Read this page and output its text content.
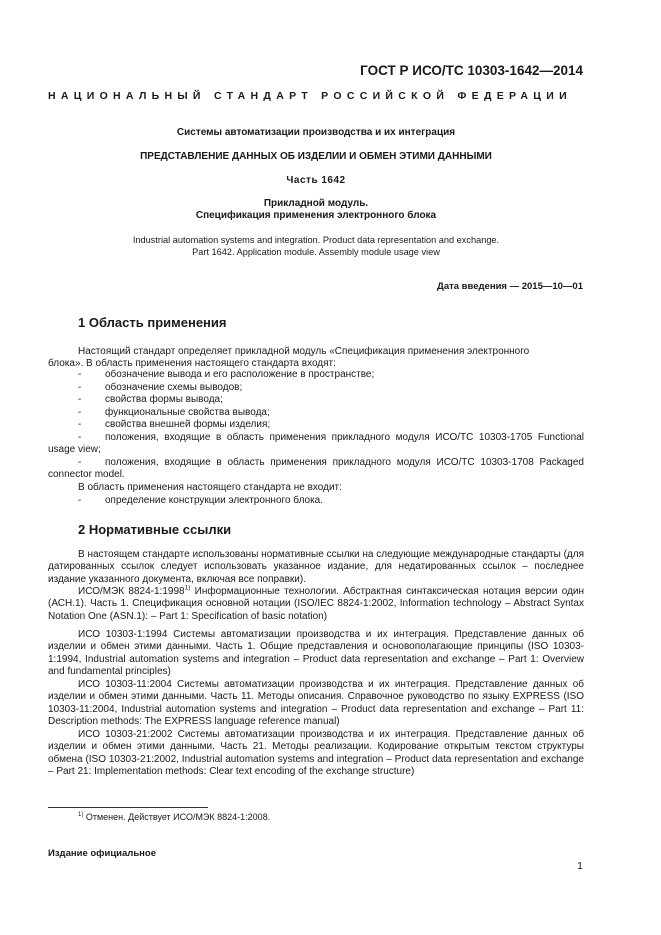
ГОСТ Р ИСО/ТС 10303-1642—2014
НАЦИОНАЛЬНЫЙ СТАНДАРТ РОССИЙСКОЙ ФЕДЕРАЦИИ
Системы автоматизации производства и их интеграция
ПРЕДСТАВЛЕНИЕ ДАННЫХ ОБ ИЗДЕЛИИ И ОБМЕН ЭТИМИ ДАННЫМИ
Часть 1642
Прикладной модуль.
Спецификация применения электронного блока
Industrial automation systems and integration. Product data representation and exchange.
Part 1642. Application module. Assembly module usage view
Дата введения — 2015—10—01
1 Область применения
Настоящий стандарт определяет прикладной модуль «Спецификация применения электронного
блока». В область применения настоящего стандарта входят:
- обозначение вывода и его расположение в пространстве;
- обозначение схемы выводов;
- свойства формы вывода;
- функциональные свойства вывода;
- свойства внешней формы изделия;
-	положения, входящие в область применения прикладного модуля ИСО/ТС 10303-1705 Functional usage view;
-	положения, входящие в область применения прикладного модуля ИСО/ТС 10303-1708 Packaged connector model.
В область применения настоящего стандарта не входит:
- определение конструкции электронного блока.
2 Нормативные ссылки
В настоящем стандарте использованы нормативные ссылки на следующие международные стандарты (для датированных ссылок следует использовать указанное издание, для недатированных ссылок – последнее издание указанного документа, включая все поправки).
ИСО/МЭК 8824-1:1998$^{1)}$ Информационные технологии. Абстрактная синтаксическая нотация версии один (АСН.1). Часть 1. Спецификация основной нотации (ISO/IEC 8824-1:2002, Information technology – Abstract Syntax Notation One (ASN.1): – Part 1: Specification of basic notation)
ИСО 10303-1:1994 Системы автоматизации производства и их интеграция. Представление данных об изделии и обмен этими данными. Часть 1. Общие представления и основополагающие принципы (ISO 10303-1:1994, Industrial automation systems and integration – Product data representation and exchange – Part 1: Overview and fundamental principles)
ИСО 10303-11:2004 Системы автоматизации производства и их интеграция. Представление данных об изделии и обмен этими данными. Часть 11. Методы описания. Справочное руководство по языку EXPRESS (ISO 10303-11:2004, Industrial automation systems and integration – Product data representation and exchange – Part 11: Description methods: The EXPRESS language reference manual)
ИСО 10303-21:2002 Системы автоматизации производства и их интеграция. Представление данных об изделии и обмен этими данными. Часть 21. Методы реализации. Кодирование открытым текстом структуры обмена (ISO 10303-21:2002, Industrial automation systems and integration – Product data representation and exchange – Part 21: Implementation methods: Clear text encoding of the exchange structure)
$^{1)}$ Отменен. Действует ИСО/МЭК 8824-1:2008.
Издание официальное
1
